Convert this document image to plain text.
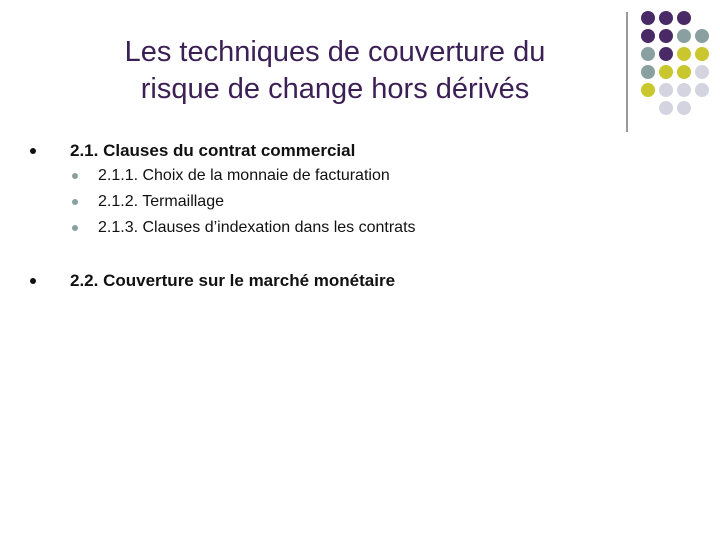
Les techniques de couverture du
risque de change hors dérivés
2.1. Clauses du contrat commercial
2.1.1. Choix de la monnaie de facturation
2.1.2. Termaillage
2.1.3. Clauses d’indexation dans les contrats
2.2. Couverture sur le marché monétaire
